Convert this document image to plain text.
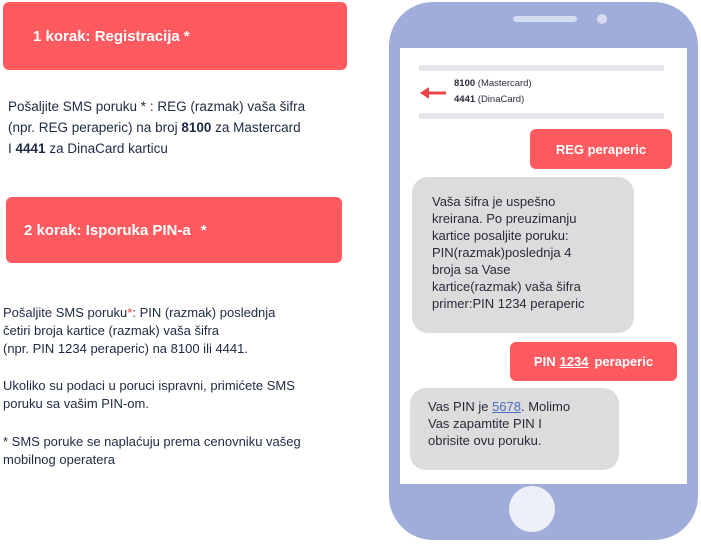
1 korak: Registracija *
Pošaljite SMS poruku * : REG (razmak) vaša šifra
(npr. REG peraperic) na broj 8100 za Mastercard
I 4441 za DinaCard karticu
2 korak: Isporuka PIN-a *
Pošaljite SMS poruku*: PIN (razmak) poslednja
četiri broja kartice (razmak) vaša šifra
(npr. PIN 1234 peraperic) na 8100 ili 4441.
Ukoliko su podaci u poruci ispravni, primićete SMS
poruku sa vašim PIN-om.
* SMS poruke se naplaćuju prema cenovniku vašeg
mobilnog operatera
8100 (Mastercard)
4441 (DinaCard)
REG peraperic
Vaša šifra je uspešno
kreirana. Po preuzimanju
kartice posaljite poruku:
PIN(razmak)poslednja 4
broja sa Vase
kartice(razmak) vaša šifra
primer:PIN 1234 peraperic
PIN 1234 peraperic
Vas PIN je 5678. Molimo
Vas zapamtite PIN I
obrisite ovu poruku.
